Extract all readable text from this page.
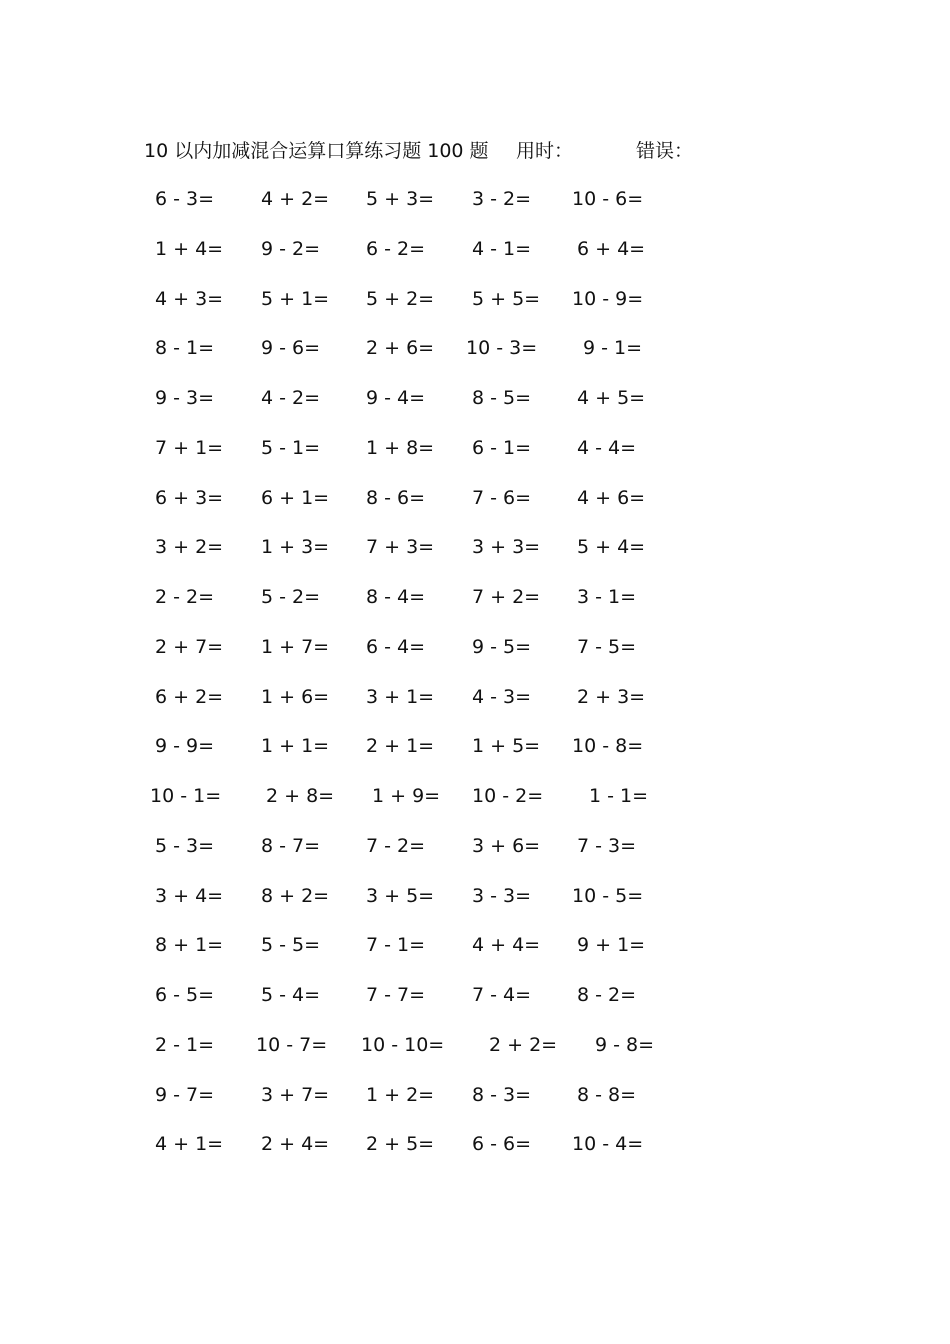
10 以内加减混合运算口算练习题 100 题 用时：	错误：
6 - 3= 4 + 2= 5 + 3= 3 - 2= 10 - 6=
1 + 4= 9 - 2= 6 - 2= 4 - 1= 6 + 4=
4 + 3= 5 + 1= 5 + 2= 5 + 5= 10 - 9=
8 - 1= 9 - 6= 2 + 6= 10 - 3= 9 - 1=
9 - 3= 4 - 2= 9 - 4= 8 - 5= 4 + 5=
7 + 1= 5 - 1= 1 + 8= 6 - 1= 4 - 4=
6 + 3= 6 + 1= 8 - 6= 7 - 6= 4 + 6=
3 + 2= 1 + 3= 7 + 3= 3 + 3= 5 + 4=
2 - 2= 5 - 2= 8 - 4= 7 + 2= 3 - 1=
2 + 7= 1 + 7= 6 - 4= 9 - 5= 7 - 5=
6 + 2= 1 + 6= 3 + 1= 4 - 3= 2 + 3=
9 - 9= 1 + 1= 2 + 1= 1 + 5= 10 - 8=
10 - 1= 2 + 8= 1 + 9= 10 - 2= 1 - 1=
5 - 3= 8 - 7= 7 - 2= 3 + 6= 7 - 3=
3 + 4= 8 + 2= 3 + 5= 3 - 3= 10 - 5=
8 + 1= 5 - 5= 7 - 1= 4 + 4= 9 + 1=
6 - 5= 5 - 4= 7 - 7= 7 - 4= 8 - 2=
2 - 1= 10 - 7= 10 - 10= 2 + 2= 9 - 8=
9 - 7= 3 + 7= 1 + 2= 8 - 3= 8 - 8=
4 + 1= 2 + 4= 2 + 5= 6 - 6= 10 - 4=
